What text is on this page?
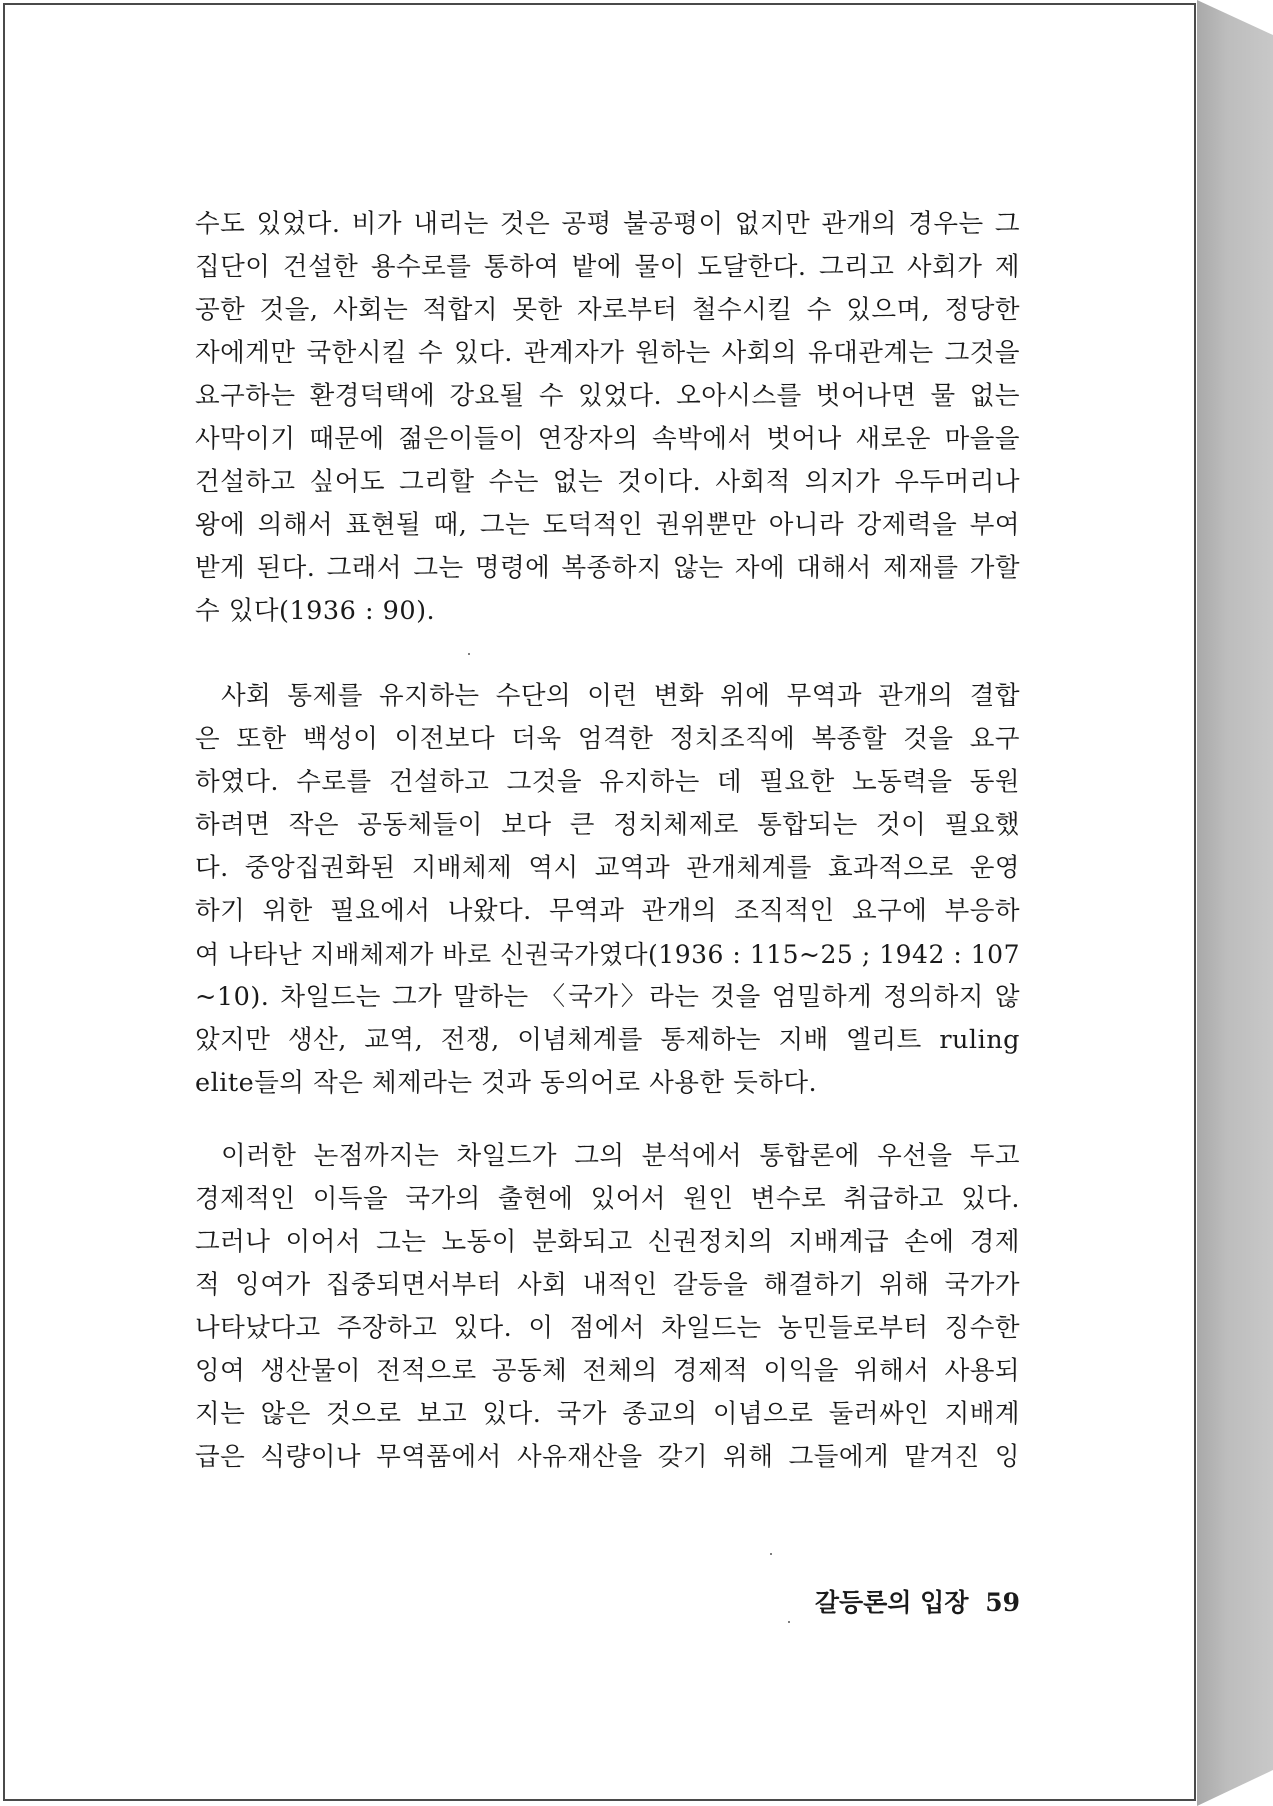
수도 있었다. 비가 내리는 것은 공평 불공평이 없지만 관개의 경우는 그
집단이 건설한 용수로를 통하여 밭에 물이 도달한다. 그리고 사회가 제
공한 것을, 사회는 적합지 못한 자로부터 철수시킬 수 있으며, 정당한
자에게만 국한시킬 수 있다. 관계자가 원하는 사회의 유대관계는 그것을
요구하는 환경덕택에 강요될 수 있었다. 오아시스를 벗어나면 물 없는
사막이기 때문에 젊은이들이 연장자의 속박에서 벗어나 새로운 마을을
건설하고 싶어도 그리할 수는 없는 것이다. 사회적 의지가 우두머리나
왕에 의해서 표현될 때, 그는 도덕적인 권위뿐만 아니라 강제력을 부여
받게 된다. 그래서 그는 명령에 복종하지 않는 자에 대해서 제재를 가할
수 있다(1936 : 90).
사회 통제를 유지하는 수단의 이런 변화 위에 무역과 관개의 결합
은 또한 백성이 이전보다 더욱 엄격한 정치조직에 복종할 것을 요구
하였다. 수로를 건설하고 그것을 유지하는 데 필요한 노동력을 동원
하려면 작은 공동체들이 보다 큰 정치체제로 통합되는 것이 필요했
다. 중앙집권화된 지배체제 역시 교역과 관개체계를 효과적으로 운영
하기 위한 필요에서 나왔다. 무역과 관개의 조직적인 요구에 부응하
여 나타난 지배체제가 바로 신권국가였다(1936 : 115~25 ; 1942 : 107
~10). 차일드는 그가 말하는 〈국가〉라는 것을 엄밀하게 정의하지 않
았지만 생산, 교역, 전쟁, 이념체계를 통제하는 지배 엘리트 ruling
elite들의 작은 체제라는 것과 동의어로 사용한 듯하다.
이러한 논점까지는 차일드가 그의 분석에서 통합론에 우선을 두고
경제적인 이득을 국가의 출현에 있어서 원인 변수로 취급하고 있다.
그러나 이어서 그는 노동이 분화되고 신권정치의 지배계급 손에 경제
적 잉여가 집중되면서부터 사회 내적인 갈등을 해결하기 위해 국가가
나타났다고 주장하고 있다. 이 점에서 차일드는 농민들로부터 징수한
잉여 생산물이 전적으로 공동체 전체의 경제적 이익을 위해서 사용되
지는 않은 것으로 보고 있다. 국가 종교의 이념으로 둘러싸인 지배계
급은 식량이나 무역품에서 사유재산을 갖기 위해 그들에게 맡겨진 잉
갈등론의 입장 59
